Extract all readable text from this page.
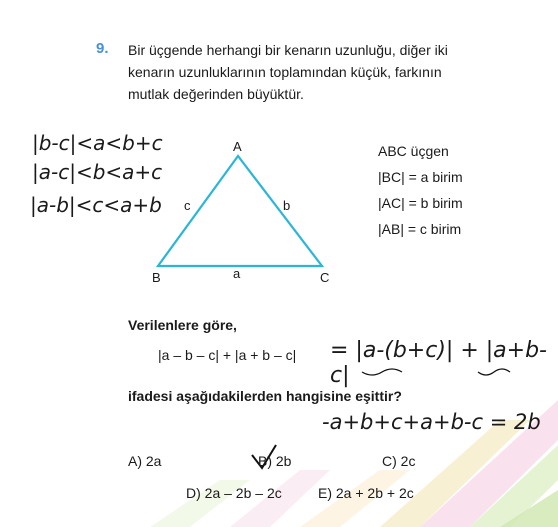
9. Bir üçgende herhangi bir kenarın uzunluğu, diğer iki
kenarın uzunluklarının toplamından küçük, farkının
mutlak değerinden büyüktür.
|b-c|<a<b+c
|a-c|<b<a+c
|a-b|<c<a+b
A
B	C
c	b
a
ABC üçgen
|BC| = a birim
|AC| = b birim
|AB| = c birim
Verilenlere göre,
|a – b – c| + |a + b – c| = |a-(b+c)| + |a+b-c|
ifadesi aşağıdakilerden hangisine eşittir?
-a+b+c+a+b-c = 2b
A) 2a	B) 2b	C) 2c
D) 2a – 2b – 2c	E) 2a + 2b + 2c
